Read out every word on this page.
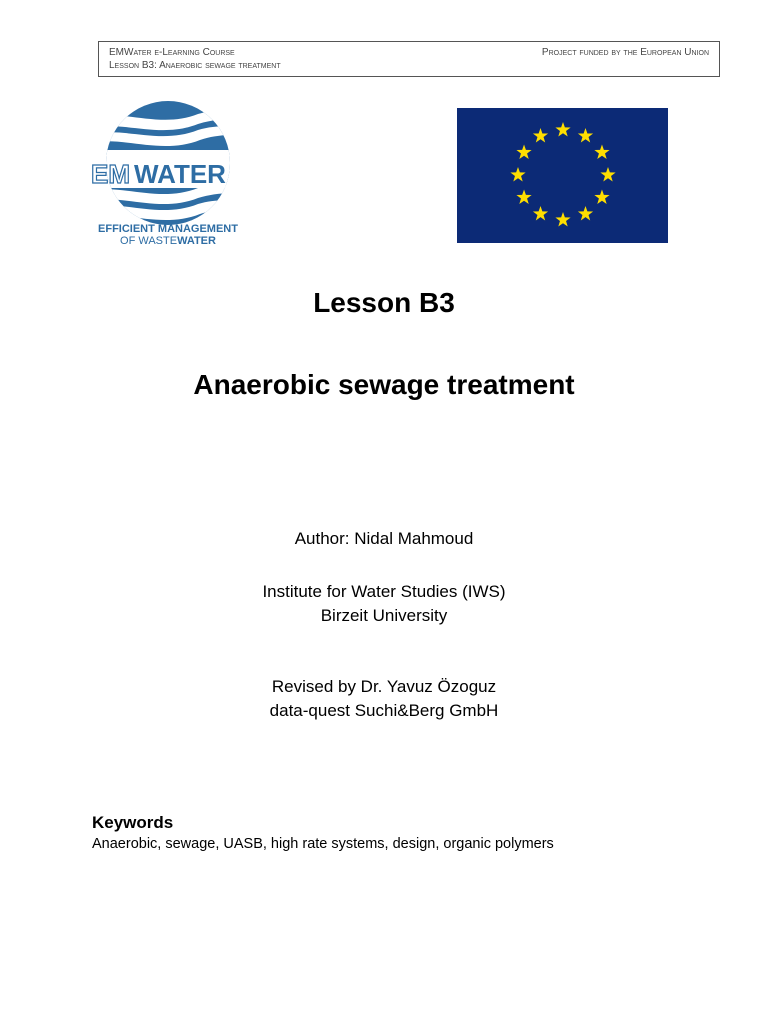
EMWater e-Learning Course	Project funded by the European Union
Lesson B3: Anaerobic sewage treatment
EM WATER
EFFICIENT MANAGEMENT
OF WASTEWATER
Lesson B3
Anaerobic sewage treatment
Author: Nidal Mahmoud
Institute for Water Studies (IWS)
Birzeit University
Revised by Dr. Yavuz Özoguz
data-quest Suchi&Berg GmbH
Keywords
Anaerobic, sewage, UASB, high rate systems, design, organic polymers
